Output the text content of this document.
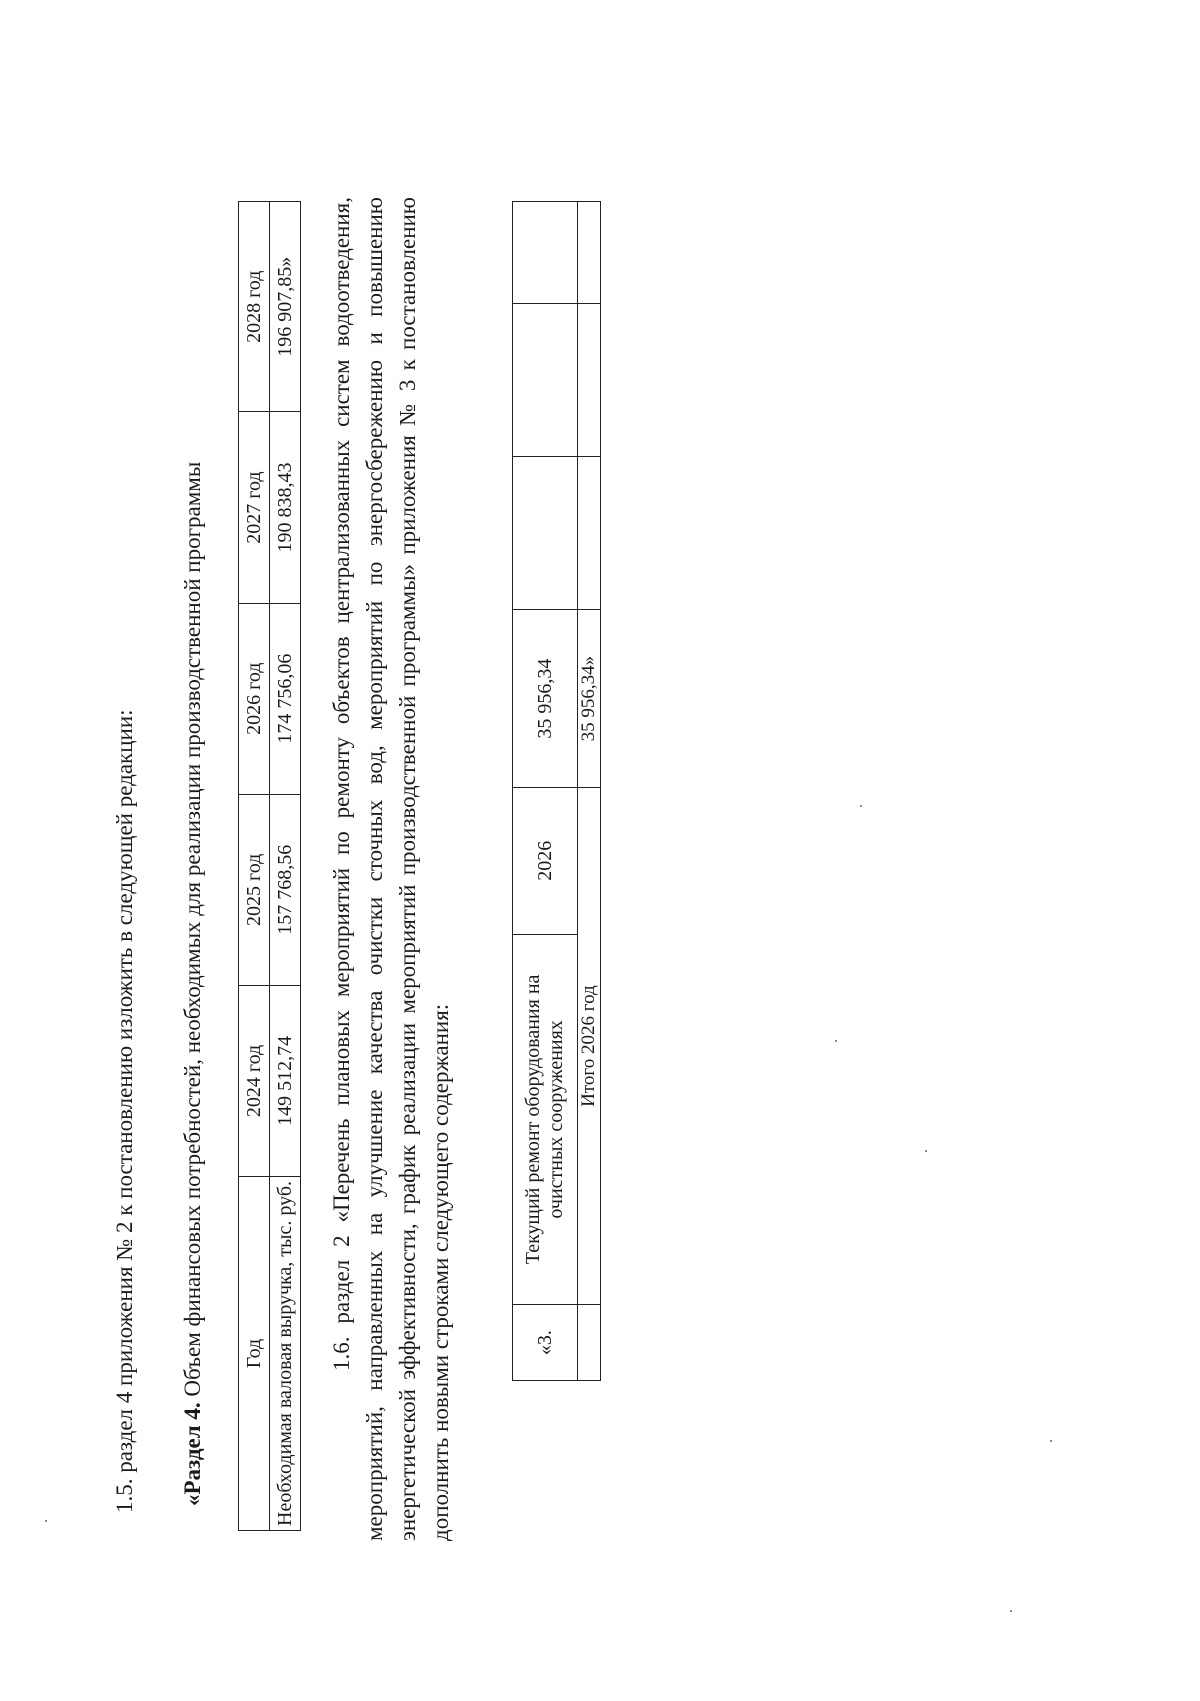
1.5. раздел 4 приложения № 2 к постановлению изложить в следующей редакции: «Раздел 4. Объем финансовых потребностей, необходимых для реализации производственной программы Год	2024 год	2025 год	2026 год	2027 год	2028 год
Необходимая валовая выручка, тыс. руб.	149 512,74	157 768,56	174 756,06	190 838,43	196 907,85» 1.6. раздел 2 «Перечень плановых мероприятий по ремонту объектов централизованных систем водоотведения, мероприятий, направленных на улучшение качества очистки сточных вод, мероприятий по энергосбережению и повышению энергетической эффективности, график реализации мероприятий производственной программы» приложения № 3 к постановлению дополнить новыми строками следующего содержания:	«3.	Текущий ремонт оборудования на очистных сооружениях	2026	35 956,34			
	Итого 2026 год		35 956,34»			
